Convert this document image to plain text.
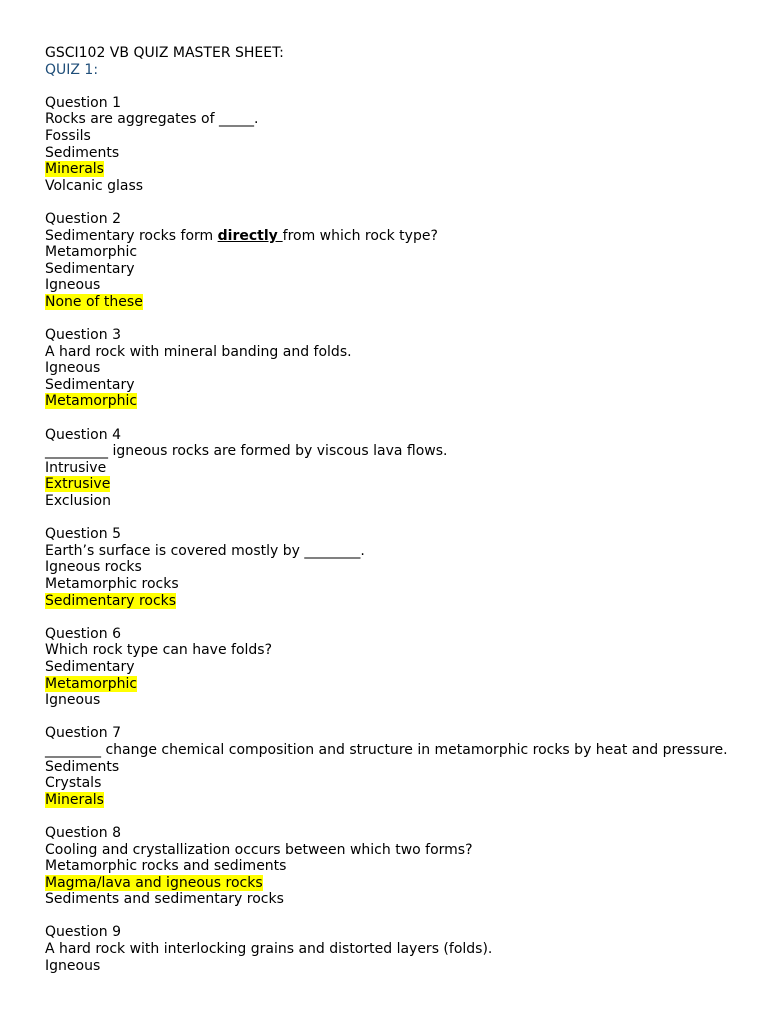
GSCI102 VB QUIZ MASTER SHEET:
QUIZ 1:
Question 1
Rocks are aggregates of _____.
Fossils
Sediments
Minerals
Volcanic glass
Question 2
Sedimentary rocks form directly from which rock type?
Metamorphic
Sedimentary
Igneous
None of these
Question 3
A hard rock with mineral banding and folds.
Igneous
Sedimentary
Metamorphic
Question 4
_________ igneous rocks are formed by viscous lava flows.
Intrusive
Extrusive
Exclusion
Question 5
Earth’s surface is covered mostly by ________.
Igneous rocks
Metamorphic rocks
Sedimentary rocks
Question 6
Which rock type can have folds?
Sedimentary
Metamorphic
Igneous
Question 7
________ change chemical composition and structure in metamorphic rocks by heat and pressure.
Sediments
Crystals
Minerals
Question 8
Cooling and crystallization occurs between which two forms?
Metamorphic rocks and sediments
Magma/lava and igneous rocks
Sediments and sedimentary rocks
Question 9
A hard rock with interlocking grains and distorted layers (folds).
Igneous
